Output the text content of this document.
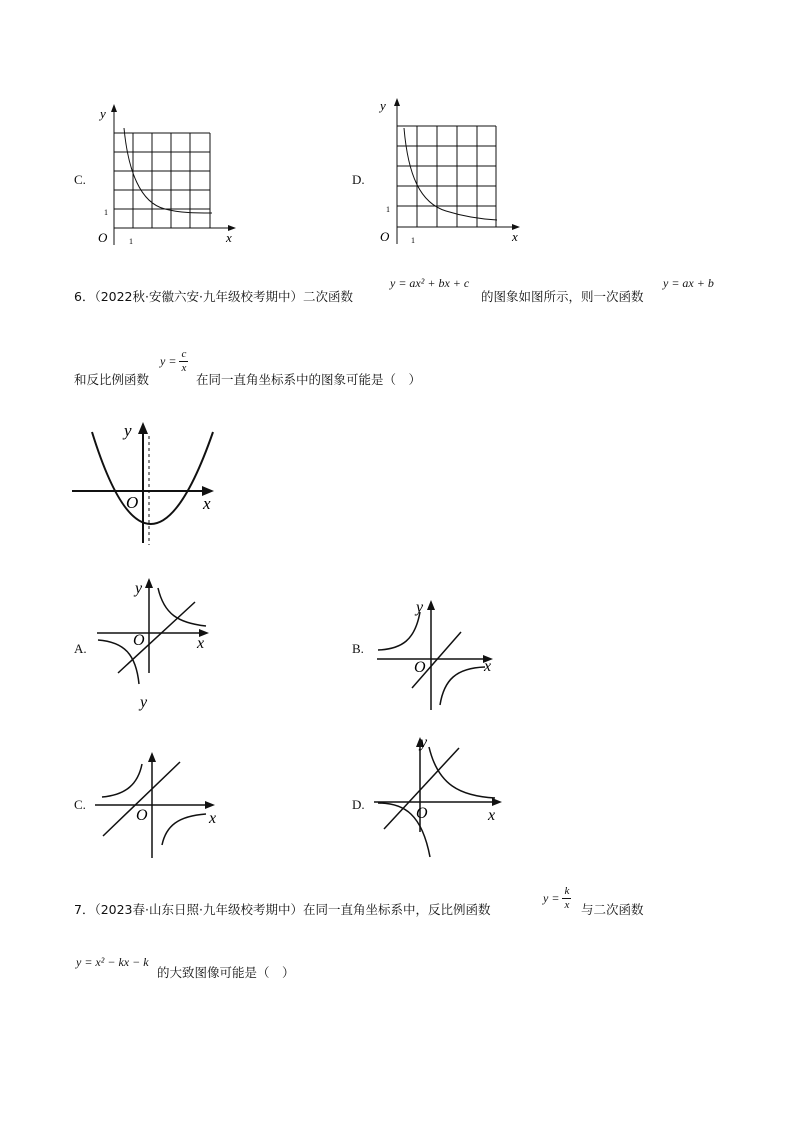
C.
y
x
O	1
1
D.
y
x
O	1
1
6．（2022秋·安徽六安·九年级校考期中）二次函数
y = ax² + bx + c
的图象如图所示，则一次函数
y = ax + b
和反比例函数
$y = \frac{c}{x}$
在同一直角坐标系中的图象可能是（　）
y
x
O
A.
y
x
O
y
B.
y
x
O
C.
x
O
D.
y
x
O
7．（2023春·山东日照·九年级校考期中）在同一直角坐标系中，反比例函数
$y = \frac{k}{x}$ 与二次函数
y = x² − kx − k
的大致图像可能是（　）
